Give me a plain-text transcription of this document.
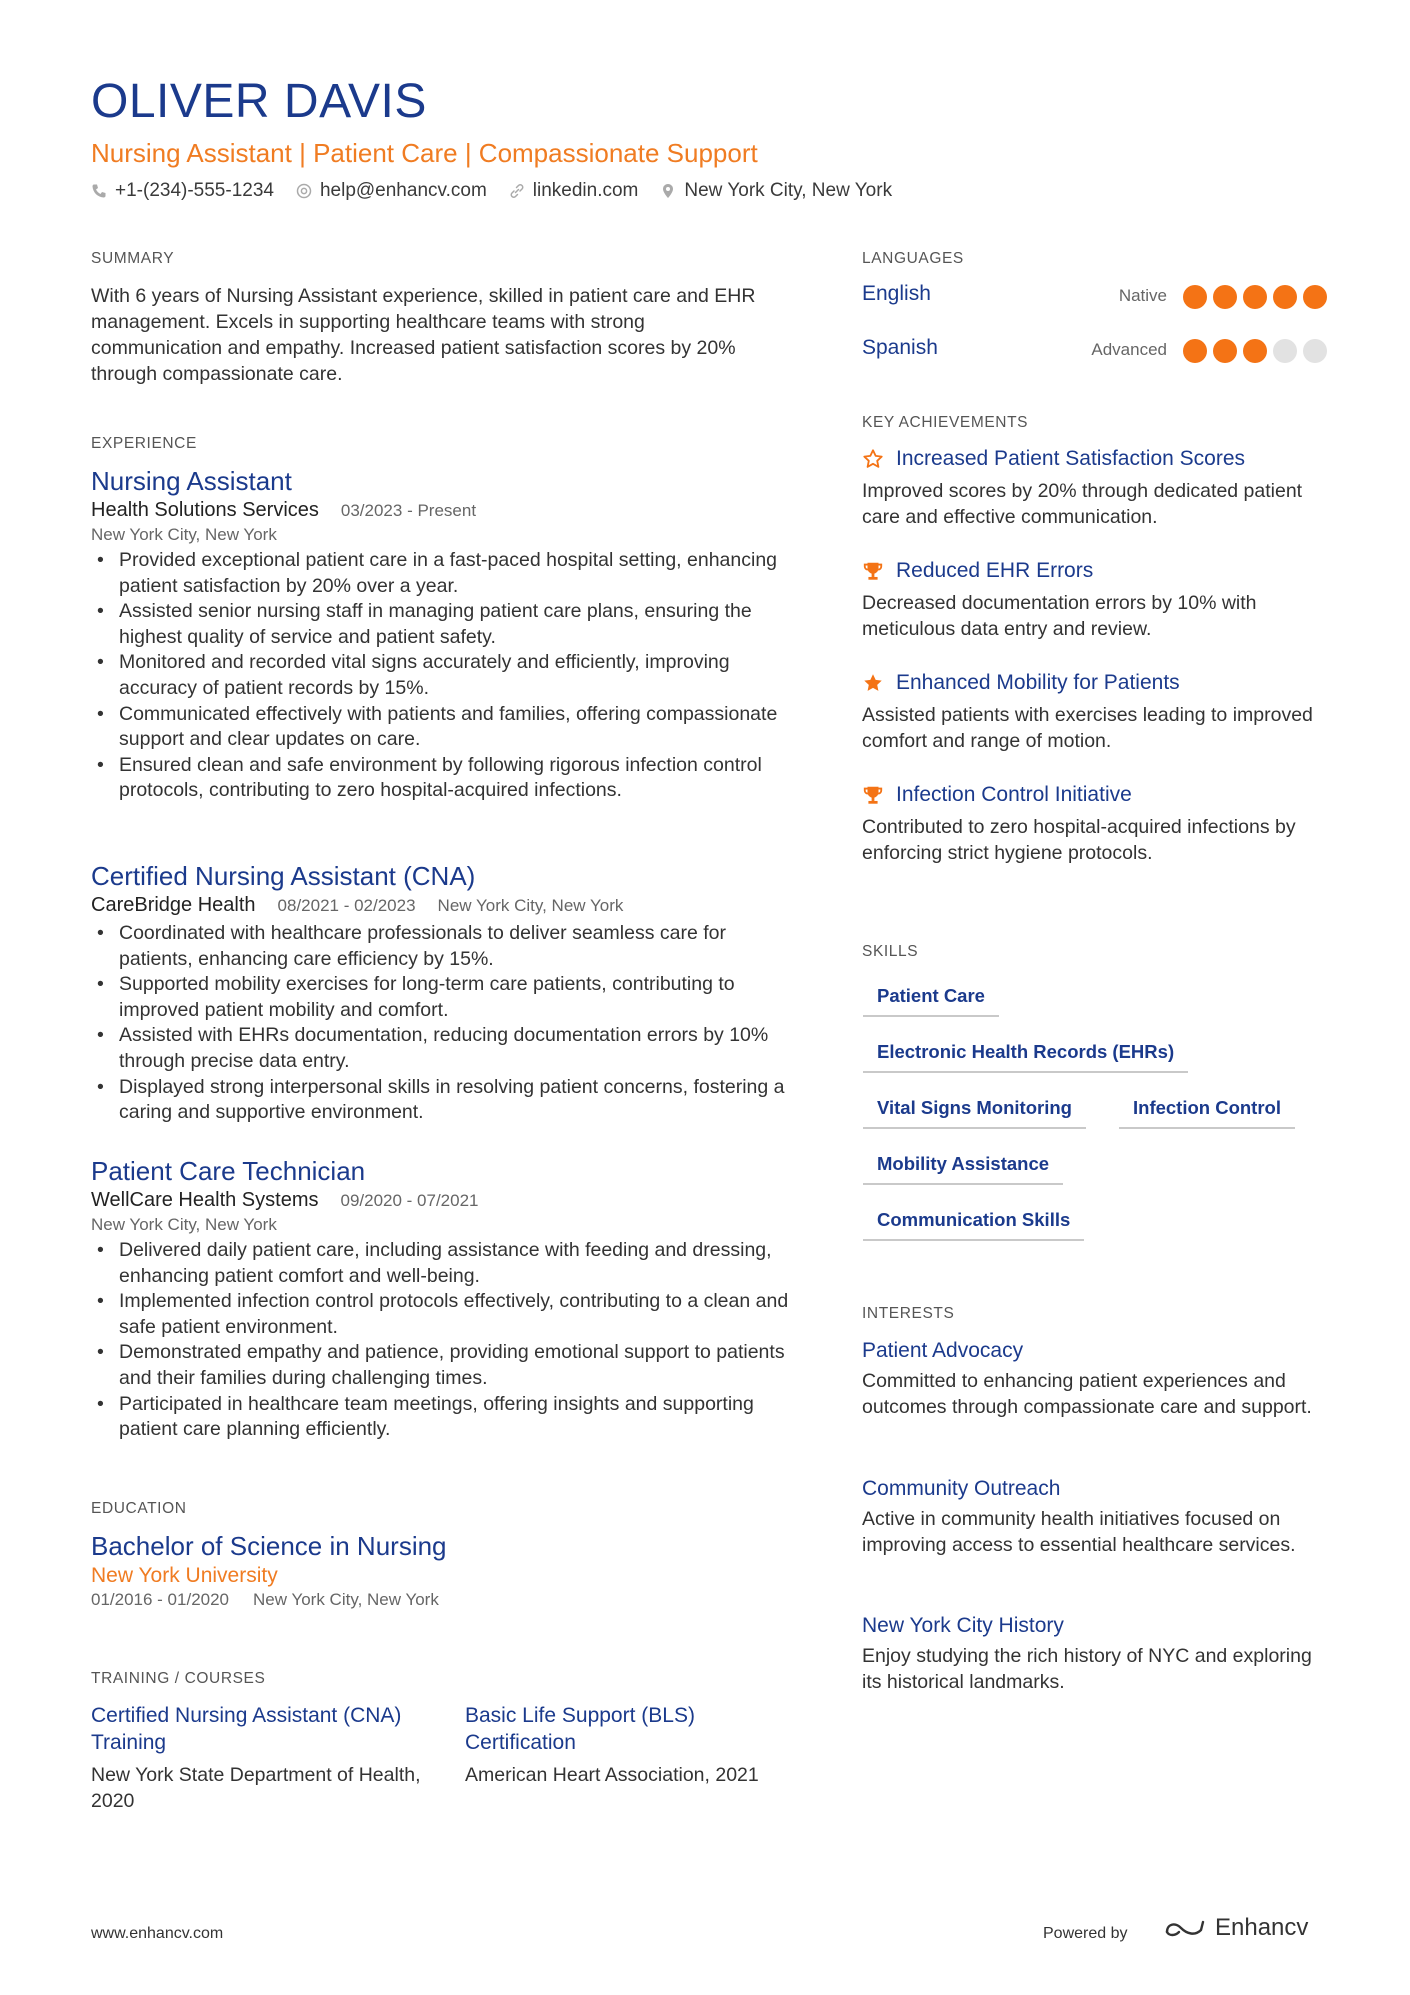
OLIVER DAVIS
Nursing Assistant | Patient Care | Compassionate Support
+1-(234)-555-1234 help@enhancv.com linkedin.com New York City, New York
SUMMARY
With 6 years of Nursing Assistant experience, skilled in patient care and EHR management. Excels in supporting healthcare teams with strong communication and empathy. Increased patient satisfaction scores by 20% through compassionate care.
EXPERIENCE
Nursing Assistant
Health Solutions Services 03/2023 - Present
New York City, New York
• Provided exceptional patient care in a fast-paced hospital setting, enhancing patient satisfaction by 20% over a year.
• Assisted senior nursing staff in managing patient care plans, ensuring the highest quality of service and patient safety.
• Monitored and recorded vital signs accurately and efficiently, improving accuracy of patient records by 15%.
• Communicated effectively with patients and families, offering compassionate support and clear updates on care.
• Ensured clean and safe environment by following rigorous infection control protocols, contributing to zero hospital-acquired infections.
Certified Nursing Assistant (CNA)
CareBridge Health 08/2021 - 02/2023 New York City, New York
• Coordinated with healthcare professionals to deliver seamless care for patients, enhancing care efficiency by 15%.
• Supported mobility exercises for long-term care patients, contributing to improved patient mobility and comfort.
• Assisted with EHRs documentation, reducing documentation errors by 10% through precise data entry.
• Displayed strong interpersonal skills in resolving patient concerns, fostering a caring and supportive environment.
Patient Care Technician
WellCare Health Systems 09/2020 - 07/2021
New York City, New York
• Delivered daily patient care, including assistance with feeding and dressing, enhancing patient comfort and well-being.
• Implemented infection control protocols effectively, contributing to a clean and safe patient environment.
• Demonstrated empathy and patience, providing emotional support to patients and their families during challenging times.
• Participated in healthcare team meetings, offering insights and supporting patient care planning efficiently.
EDUCATION
Bachelor of Science in Nursing
New York University
01/2016 - 01/2020 New York City, New York
TRAINING / COURSES
Certified Nursing Assistant (CNA) Training
New York State Department of Health, 2020
Basic Life Support (BLS) Certification
American Heart Association, 2021
LANGUAGES
English	Native
Spanish	Advanced
KEY ACHIEVEMENTS
Increased Patient Satisfaction Scores
Improved scores by 20% through dedicated patient care and effective communication.
Reduced EHR Errors
Decreased documentation errors by 10% with meticulous data entry and review.
Enhanced Mobility for Patients
Assisted patients with exercises leading to improved comfort and range of motion.
Infection Control Initiative
Contributed to zero hospital-acquired infections by enforcing strict hygiene protocols.
SKILLS
Patient Care
Electronic Health Records (EHRs)
Vital Signs Monitoring	Infection Control
Mobility Assistance
Communication Skills
INTERESTS
Patient Advocacy
Committed to enhancing patient experiences and outcomes through compassionate care and support.
Community Outreach
Active in community health initiatives focused on improving access to essential healthcare services.
New York City History
Enjoy studying the rich history of NYC and exploring its historical landmarks.
www.enhancv.com	Powered by	Enhancv
